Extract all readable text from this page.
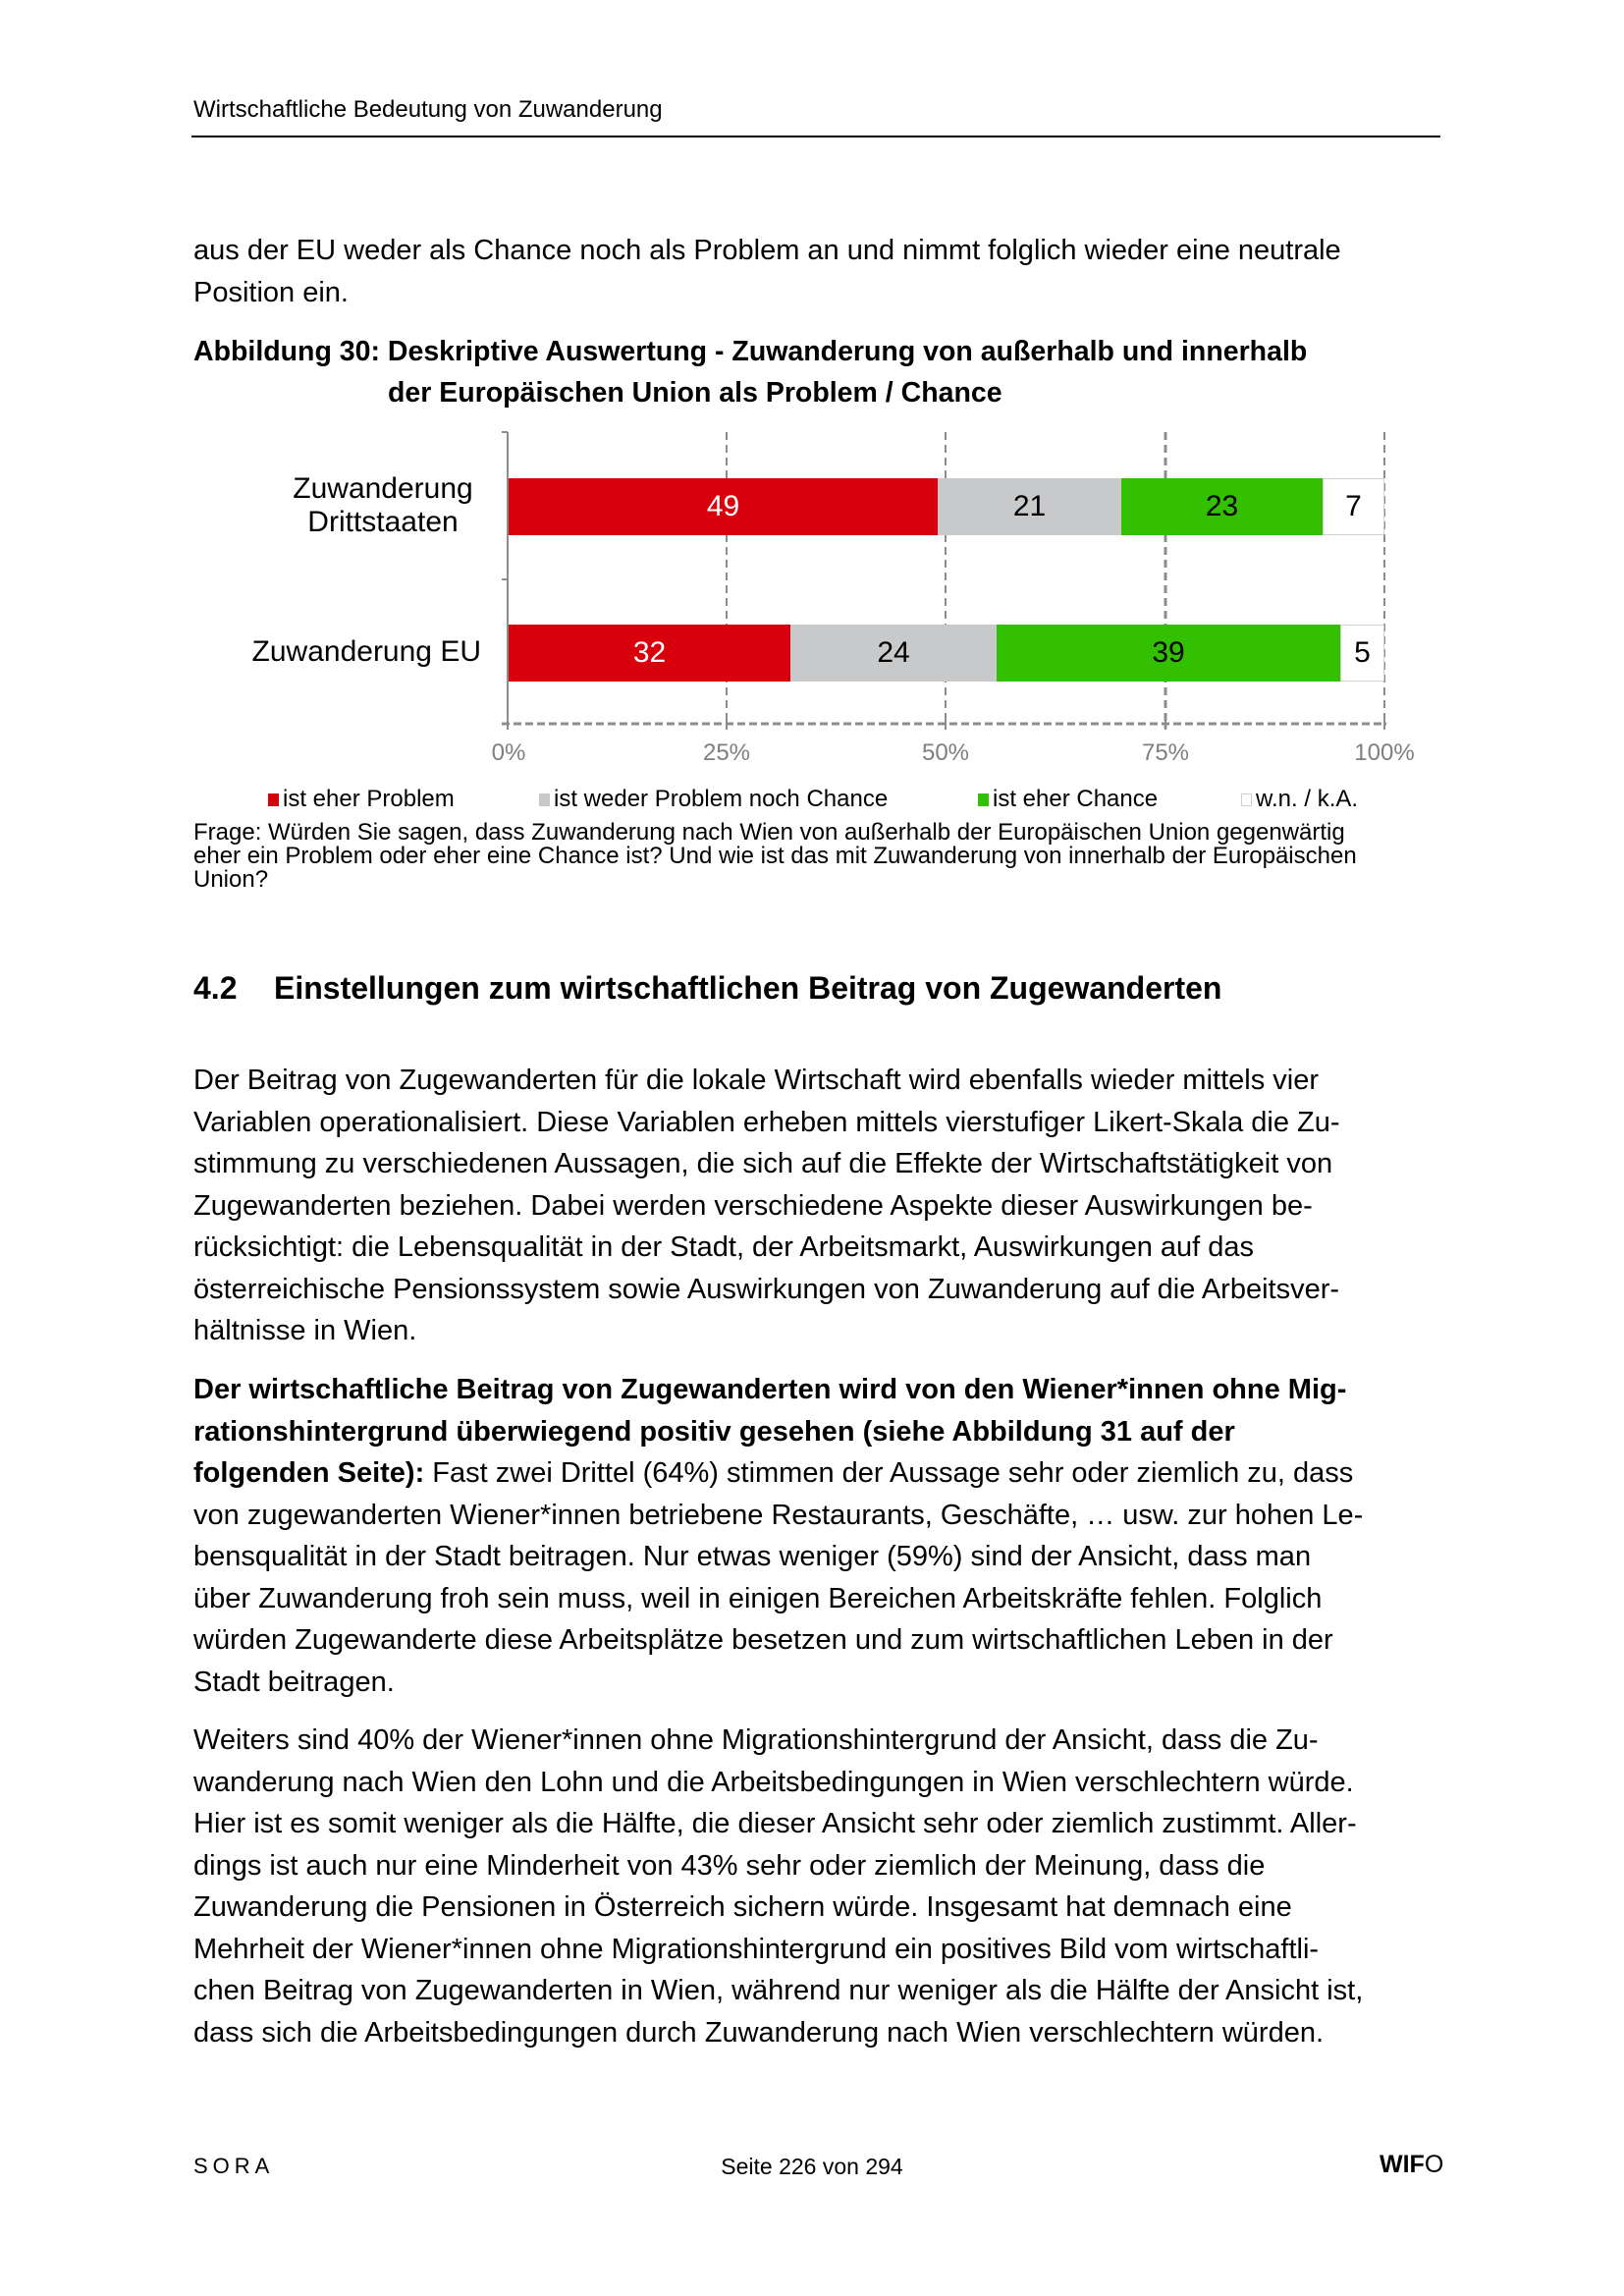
Wirtschaftliche Bedeutung von Zuwanderung

aus der EU weder als Chance noch als Problem an und nimmt folglich wieder eine neutrale

Position ein.

Abbildung 30: Deskriptive Auswertung - Zuwanderung von außerhalb und innerhalb
der Europäischen Union als Problem / Chance
Zuwanderung
Drittstaaten
Zuwanderung EU
49	21	23	7
32	24	39	5
0%	25%	50%	75%	100%
ist eher Problem	ist weder Problem noch Chance	ist eher Chance	w.n. / k.A.
Frage: Würden Sie sagen, dass Zuwanderung nach Wien von außerhalb der Europäischen Union gegenwärtig
eher ein Problem oder eher eine Chance ist? Und wie ist das mit Zuwanderung von innerhalb der Europäischen
Union?
4.2 Einstellungen zum wirtschaftlichen Beitrag von Zugewanderten

Der Beitrag von Zugewanderten für die lokale Wirtschaft wird ebenfalls wieder mittels vier

Variablen operationalisiert. Diese Variablen erheben mittels vierstufiger Likert-Skala die Zu-

stimmung zu verschiedenen Aussagen, die sich auf die Effekte der Wirtschaftstätigkeit von

Zugewanderten beziehen. Dabei werden verschiedene Aspekte dieser Auswirkungen be-

rücksichtigt: die Lebensqualität in der Stadt, der Arbeitsmarkt, Auswirkungen auf das

österreichische Pensionssystem sowie Auswirkungen von Zuwanderung auf die Arbeitsver-

hältnisse in Wien.

Der wirtschaftliche Beitrag von Zugewanderten wird von den Wiener*innen ohne Mig-

rationshintergrund überwiegend positiv gesehen (siehe Abbildung 31 auf der

folgenden Seite): Fast zwei Drittel (64%) stimmen der Aussage sehr oder ziemlich zu, dass

von zugewanderten Wiener*innen betriebene Restaurants, Geschäfte, … usw. zur hohen Le-

bensqualität in der Stadt beitragen. Nur etwas weniger (59%) sind der Ansicht, dass man

über Zuwanderung froh sein muss, weil in einigen Bereichen Arbeitskräfte fehlen. Folglich

würden Zugewanderte diese Arbeitsplätze besetzen und zum wirtschaftlichen Leben in der

Stadt beitragen.

Weiters sind 40% der Wiener*innen ohne Migrationshintergrund der Ansicht, dass die Zu-

wanderung nach Wien den Lohn und die Arbeitsbedingungen in Wien verschlechtern würde.

Hier ist es somit weniger als die Hälfte, die dieser Ansicht sehr oder ziemlich zustimmt. Aller-

dings ist auch nur eine Minderheit von 43% sehr oder ziemlich der Meinung, dass die

Zuwanderung die Pensionen in Österreich sichern würde. Insgesamt hat demnach eine

Mehrheit der Wiener*innen ohne Migrationshintergrund ein positives Bild vom wirtschaftli-

chen Beitrag von Zugewanderten in Wien, während nur weniger als die Hälfte der Ansicht ist,

dass sich die Arbeitsbedingungen durch Zuwanderung nach Wien verschlechtern würden.

SORA	Seite 226 von 294	WIFO
